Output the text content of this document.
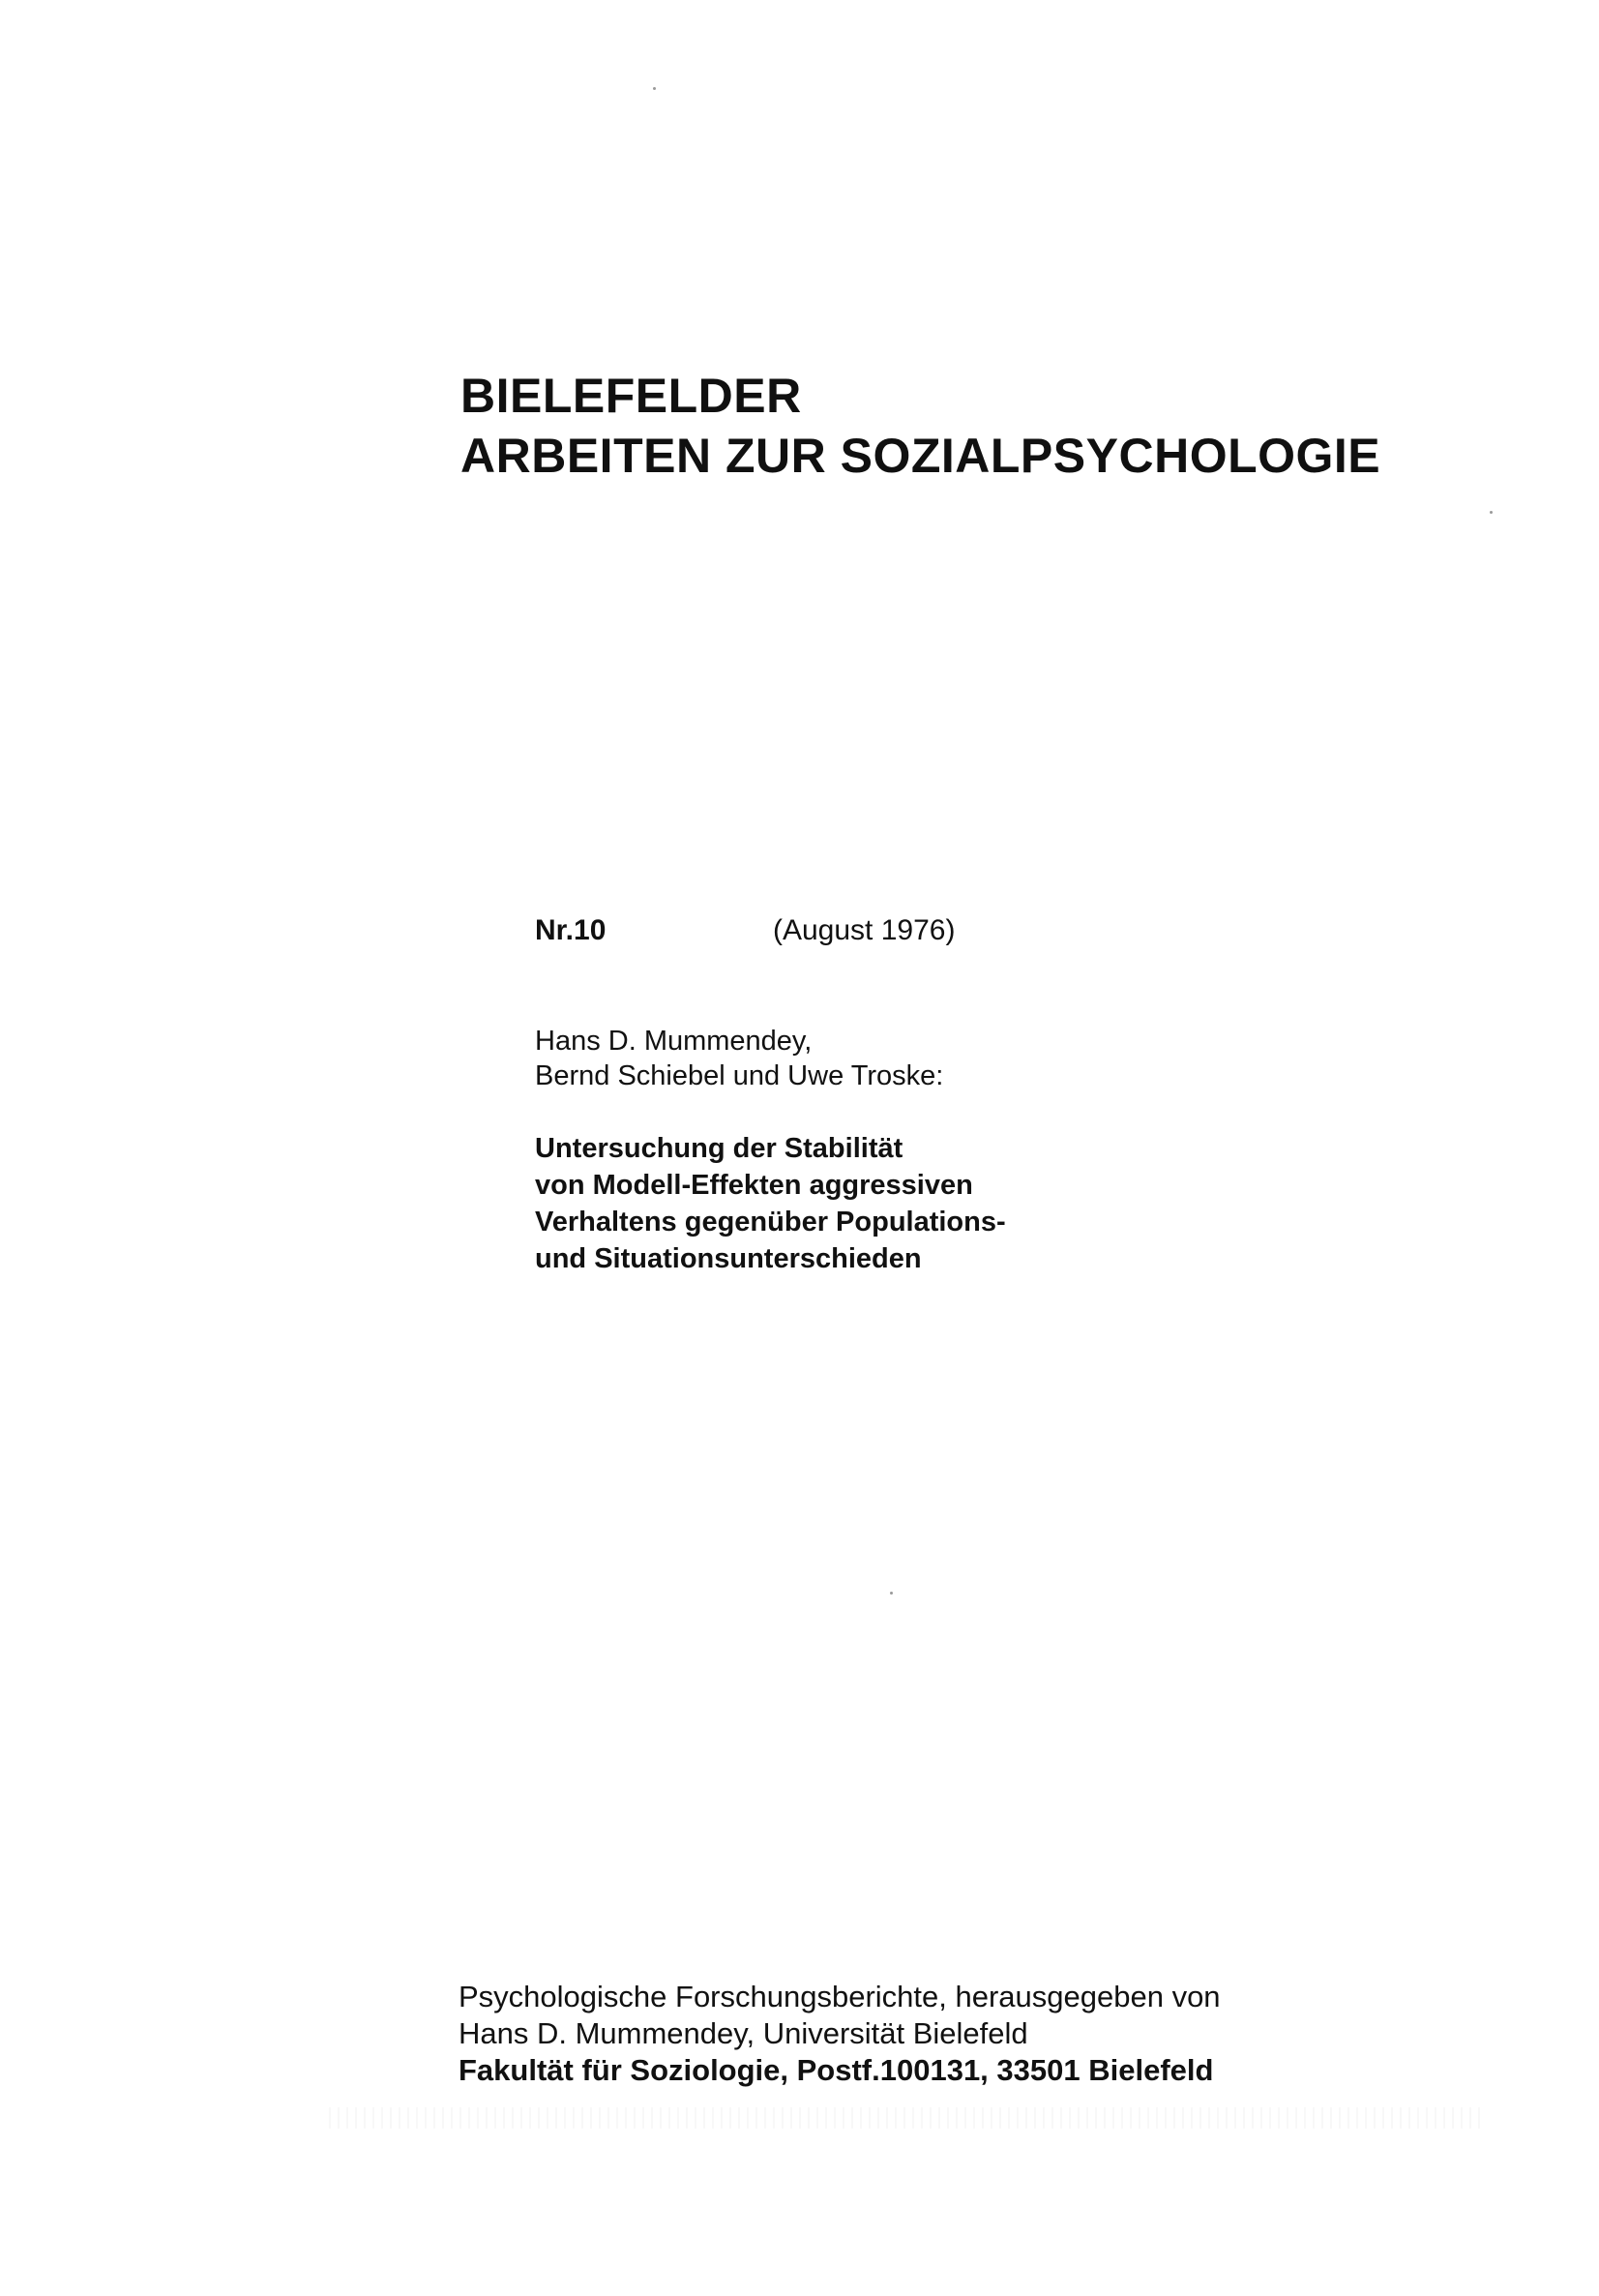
BIELEFELDER
ARBEITEN ZUR SOZIALPSYCHOLOGIE
Nr.10	(August 1976)
Hans D. Mummendey,
Bernd Schiebel und Uwe Troske:
Untersuchung der Stabilität
von Modell-Effekten aggressiven
Verhaltens gegenüber Populations-
und Situationsunterschieden
Psychologische Forschungsberichte, herausgegeben von
Hans D. Mummendey, Universität Bielefeld
Fakultät für Soziologie, Postf.100131, 33501 Bielefeld
